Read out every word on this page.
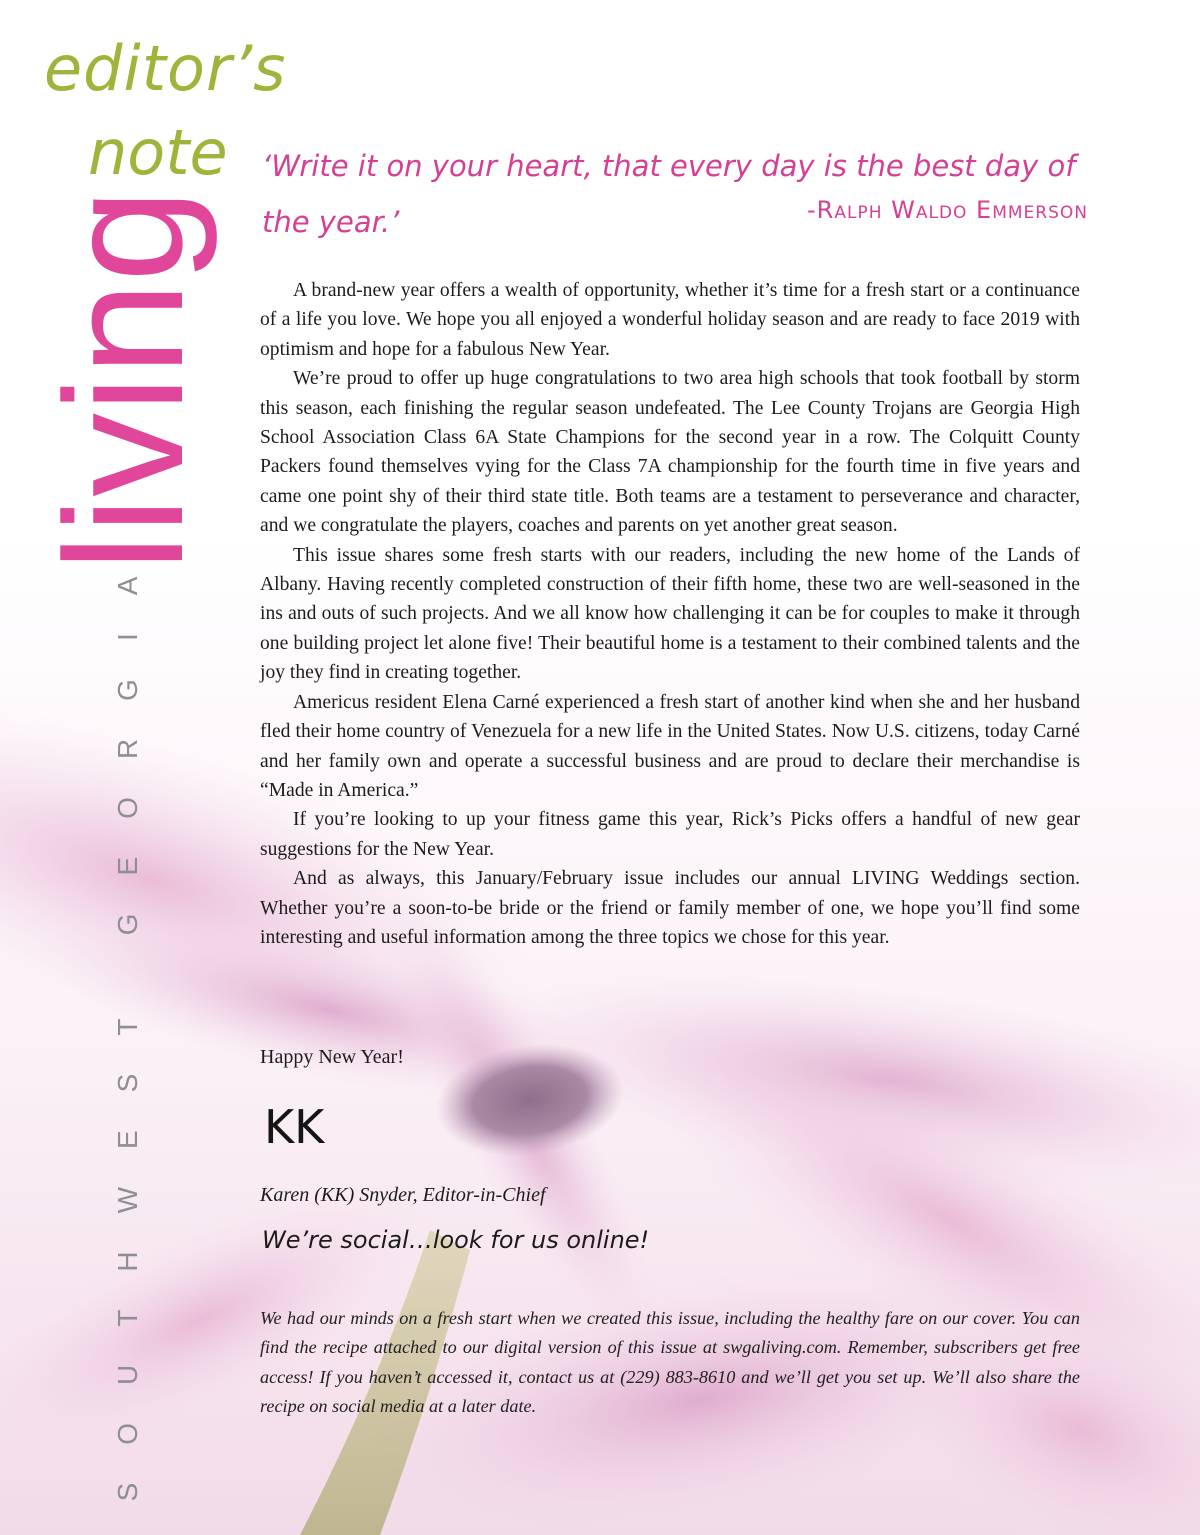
editor’s
note
living
SOUTHWEST GEORGIA
‘Write it on your heart, that every day is the best day of the year.’	-Ralph Waldo Emmerson

A brand-new year offers a wealth of opportunity, whether it’s time for a fresh start or a continuance of a life you love. We hope you all enjoyed a wonderful holiday season and are ready to face 2019 with optimism and hope for a fabulous New Year.

We’re proud to offer up huge congratulations to two area high schools that took football by storm this season, each finishing the regular season undefeated. The Lee County Trojans are Georgia High School Association Class 6A State Champions for the second year in a row. The Colquitt County Packers found themselves vying for the Class 7A championship for the fourth time in five years and came one point shy of their third state title. Both teams are a testament to perseverance and character, and we congratulate the players, coaches and parents on yet another great season.

This issue shares some fresh starts with our readers, including the new home of the Lands of Albany. Having recently completed construction of their fifth home, these two are well-seasoned in the ins and outs of such projects. And we all know how challenging it can be for couples to make it through one building project let alone five! Their beautiful home is a testament to their combined talents and the joy they find in creating together.

Americus resident Elena Carné experienced a fresh start of another kind when she and her husband fled their home country of Venezuela for a new life in the United States. Now U.S. citizens, today Carné and her family own and operate a successful business and are proud to declare their merchandise is “Made in America.”

If you’re looking to up your fitness game this year, Rick’s Picks offers a handful of new gear suggestions for the New Year.

And as always, this January/February issue includes our annual LIVING Weddings section. Whether you’re a soon-to-be bride or the friend or family member of one, we hope you’ll find some interesting and useful information among the three topics we chose for this year.

Happy New Year!
KK
Karen (KK) Snyder, Editor-in-Chief
We’re social…look for us online!
We had our minds on a fresh start when we created this issue, including the healthy fare on our cover. You can find the recipe attached to our digital version of this issue at swgaliving.com. Remember, subscribers get free access! If you haven’t accessed it, contact us at (229) 883-8610 and we’ll get you set up. We’ll also share the recipe on social media at a later date.
